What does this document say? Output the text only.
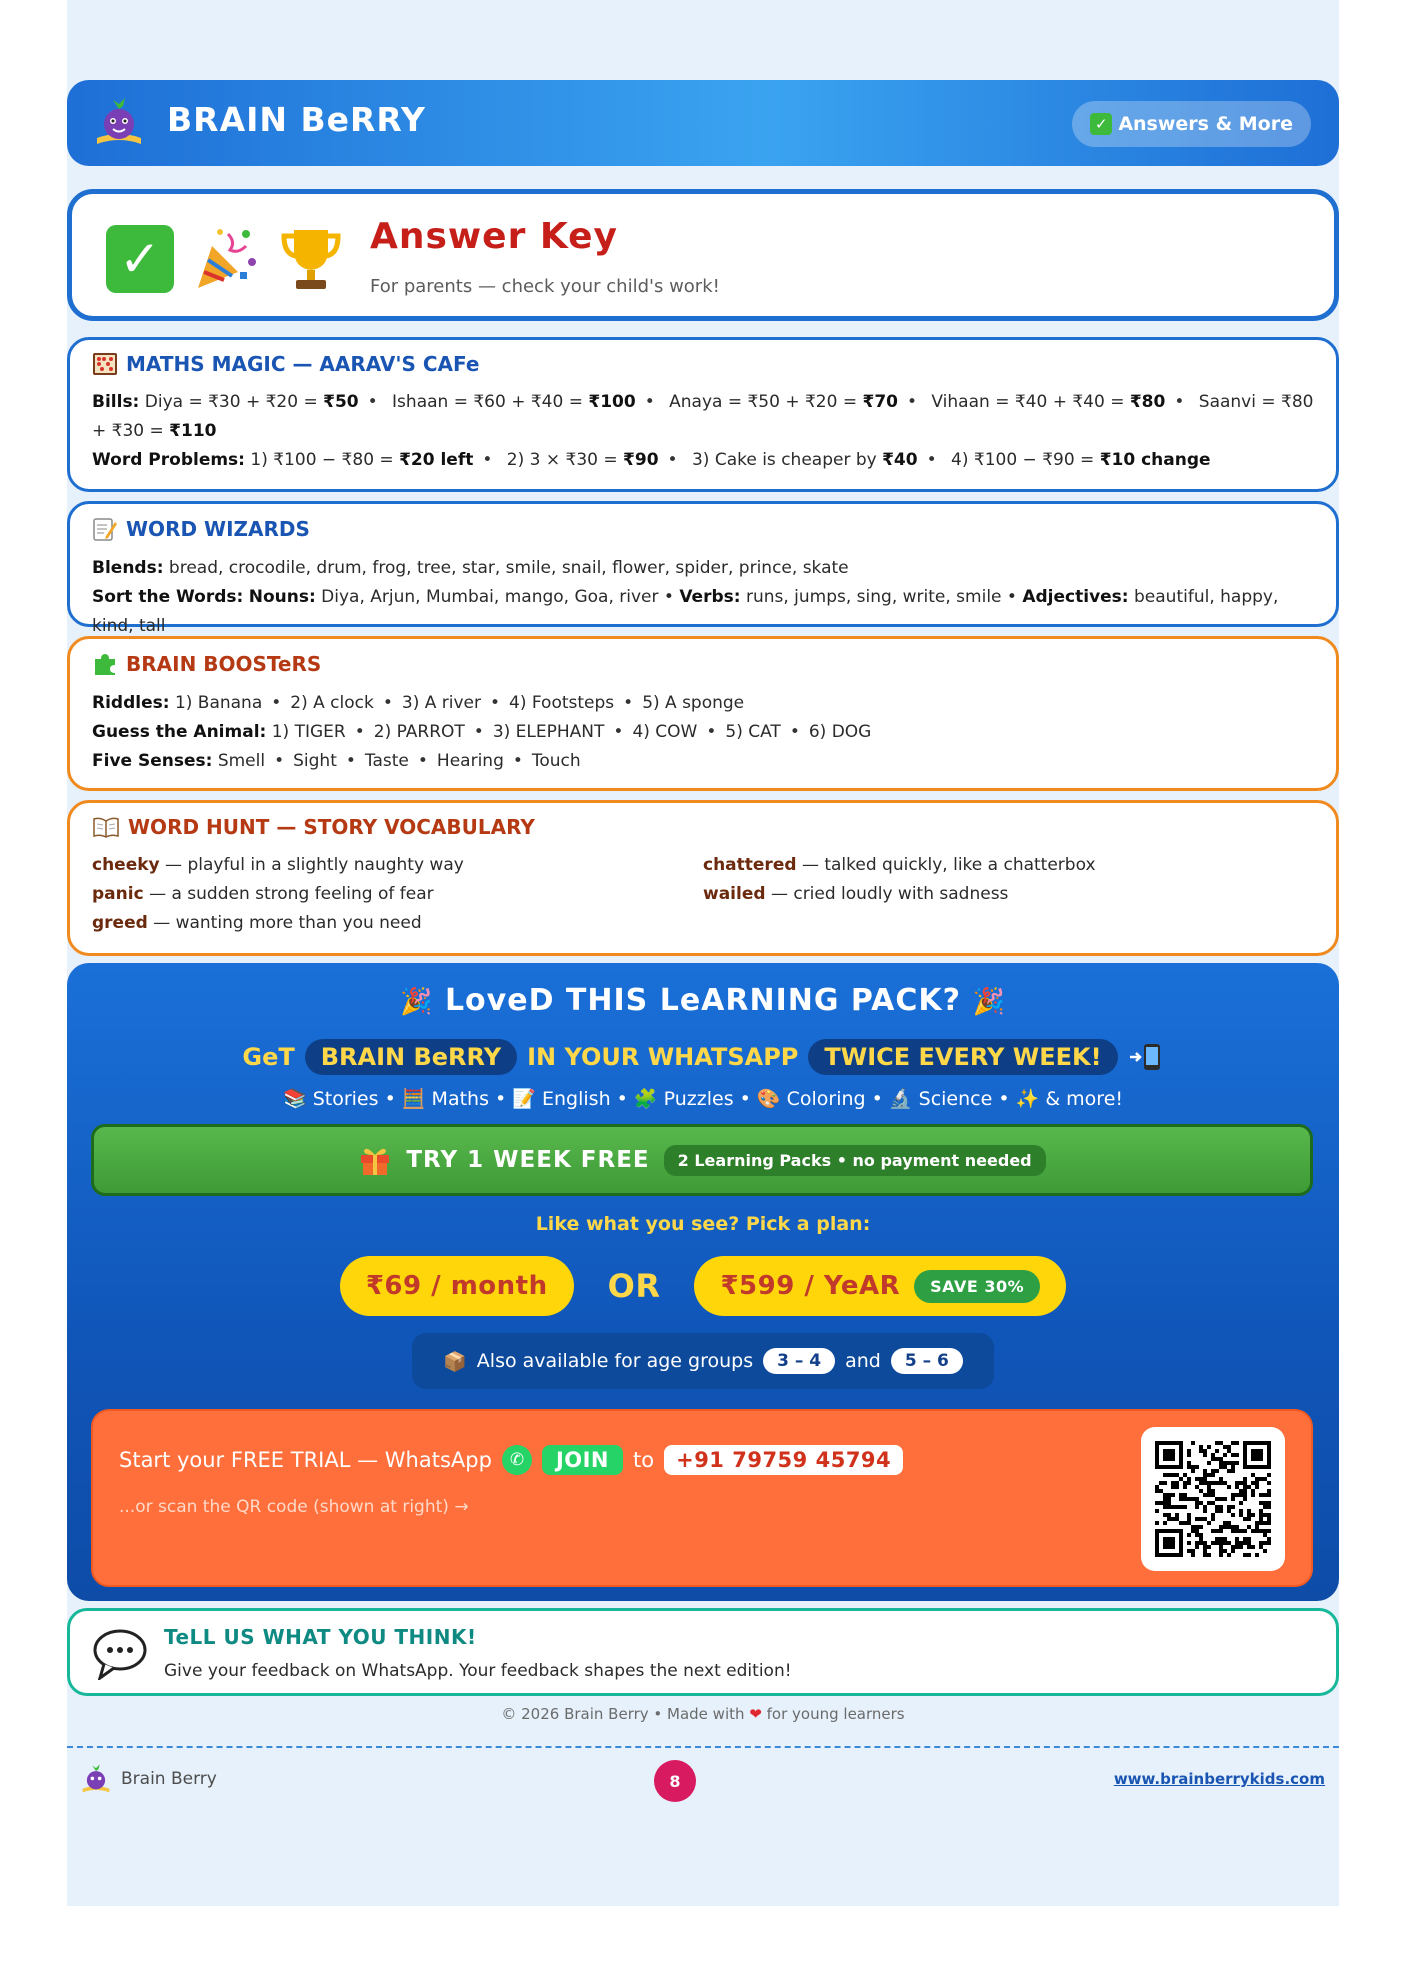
BRAIN BeRRY	✓ Answers & More
✓	Answer Key
For parents — check your child's work!
MATHS MAGIC — AARAV'S CAFe
Bills: Diya = ₹30 + ₹20 = ₹50 • Ishaan = ₹60 + ₹40 = ₹100 • Anaya = ₹50 + ₹20 = ₹70 • Vihaan = ₹40 + ₹40 = ₹80 • Saanvi = ₹80 + ₹30 = ₹110
Word Problems: 1) ₹100 − ₹80 = ₹20 left • 2) 3 × ₹30 = ₹90 • 3) Cake is cheaper by ₹40 • 4) ₹100 − ₹90 = ₹10 change
WORD WIZARDS
Blends: bread, crocodile, drum, frog, tree, star, smile, snail, flower, spider, prince, skate
Sort the Words: Nouns: Diya, Arjun, Mumbai, mango, Goa, river • Verbs: runs, jumps, sing, write, smile • Adjectives: beautiful, happy, kind, tall
BRAIN BOOSTeRS
Riddles: 1) Banana • 2) A clock • 3) A river • 4) Footsteps • 5) A sponge
Guess the Animal: 1) TIGER • 2) PARROT • 3) ELEPHANT • 4) COW • 5) CAT • 6) DOG
Five Senses: Smell • Sight • Taste • Hearing • Touch
WORD HUNT — STORY VOCABULARY
cheeky — playful in a slightly naughty way
panic — a sudden strong feeling of fear
greed — wanting more than you need
chattered — talked quickly, like a chatterbox
wailed — cried loudly with sadness
🎉 LoveD THIS LeARNING PACK? 🎉
GeT	BRAIN BeRRY	IN YOUR WHATSAPP	TWICE EVERY WEEK!
📚 Stories • 🧮 Maths • 📝 English • 🧩 Puzzles • 🎨 Coloring • 🔬 Science • ✨ & more!
TRY 1 WEEK FREE	2 Learning Packs • no payment needed
Like what you see? Pick a plan:
₹69 / month OR ₹599 / YeAR	SAVE 30%
📦 Also available for age groups	3 – 4	and	5 – 6
Start your FREE TRIAL — WhatsApp	✆	JOIN	to	+91 79759 45794
...or scan the QR code (shown at right) →
TeLL US WHAT YOU THINK!
Give your feedback on WhatsApp. Your feedback shapes the next edition!
© 2026 Brain Berry • Made with ❤ for young learners
Brain Berry	8	www.brainberrykids.com
